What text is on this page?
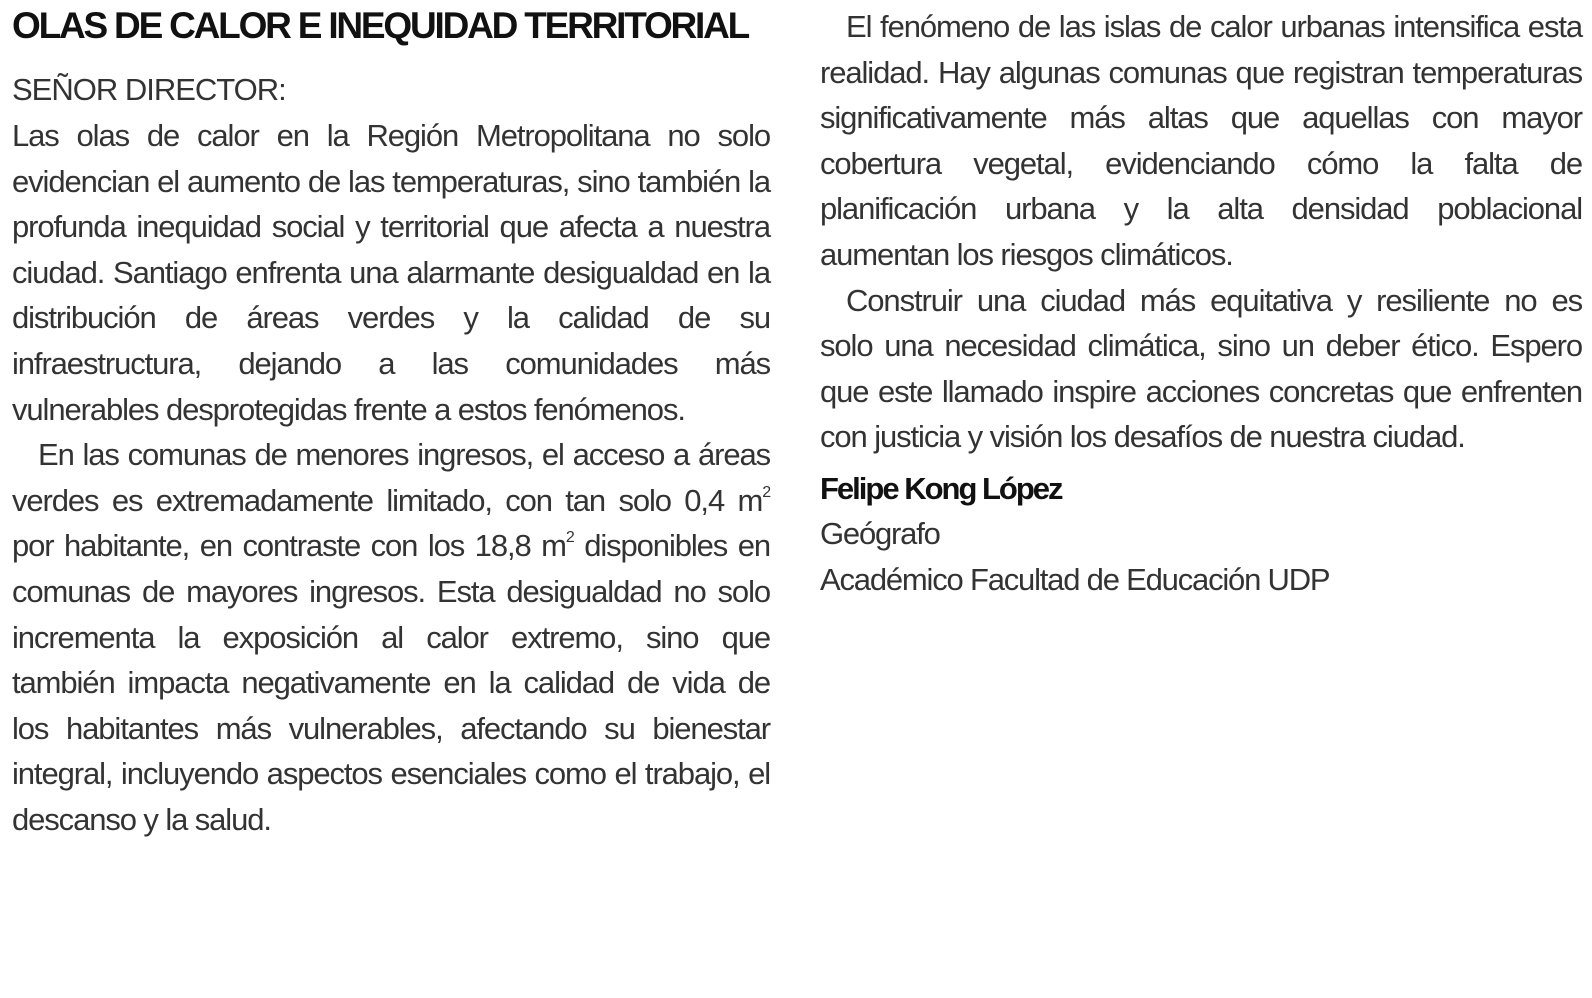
OLAS DE CALOR E INEQUIDAD TERRITORIAL
SEÑOR DIRECTOR:

Las olas de calor en la Región Metropolitana no solo evidencian el aumento de las temperaturas, sino también la profunda inequidad social y territorial que afecta a nuestra ciudad. Santiago enfrenta una alarmante desigualdad en la distribución de áreas verdes y la calidad de su infraestructura, dejando a las comunidades más vulnerables desprotegidas frente a estos fenómenos.

En las comunas de menores ingresos, el acceso a áreas verdes es extremadamente limitado, con tan solo 0,4 $m^2$ por habitante, en contraste con los 18,8 $m^2$ disponibles en comunas de mayores ingresos. Esta desigualdad no solo incrementa la exposición al calor extremo, sino que también impacta negativamente en la calidad de vida de los habitantes más vulnerables, afectando su bienestar integral, incluyendo aspectos esenciales como el trabajo, el descanso y la salud.

El fenómeno de las islas de calor urbanas intensifica esta realidad. Hay algunas comunas que registran temperaturas significativamente más altas que aquellas con mayor cobertura vegetal, evidenciando cómo la falta de planificación urbana y la alta densidad poblacional aumentan los riesgos climáticos.

Construir una ciudad más equitativa y resiliente no es solo una necesidad climática, sino un deber ético. Espero que este llamado inspire acciones concretas que enfrenten con justicia y visión los desafíos de nuestra ciudad.

Felipe Kong López
Geógrafo
Académico Facultad de Educación UDP
